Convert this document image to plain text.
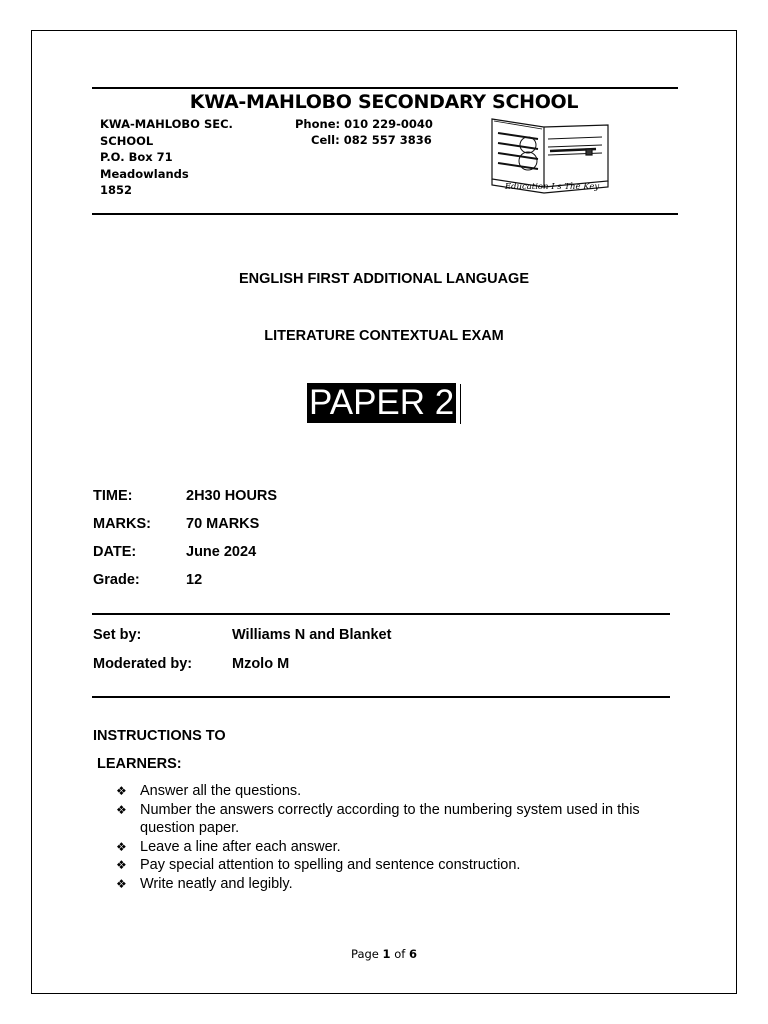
KWA-MAHLOBO SECONDARY SCHOOL
KWA-MAHLOBO SEC.
SCHOOL
P.O. Box 71
Meadowlands
1852
Phone: 010 229-0040
Cell: 082 557 3836
Education I s The Key
ENGLISH FIRST ADDITIONAL LANGUAGE
LITERATURE CONTEXTUAL EXAM
PAPER 2
TIME:	2H30 HOURS
MARKS: 70 MARKS
DATE:	June 2024
Grade:	12
Set by:	Williams N and Blanket
Moderated by:	Mzolo M
INSTRUCTIONS TO
LEARNERS:
❖ Answer all the questions.
❖ Number the answers correctly according to the numbering system used in this question paper.
❖ Leave a line after each answer.
❖ Pay special attention to spelling and sentence construction.
❖ Write neatly and legibly.
Page 1 of 6
